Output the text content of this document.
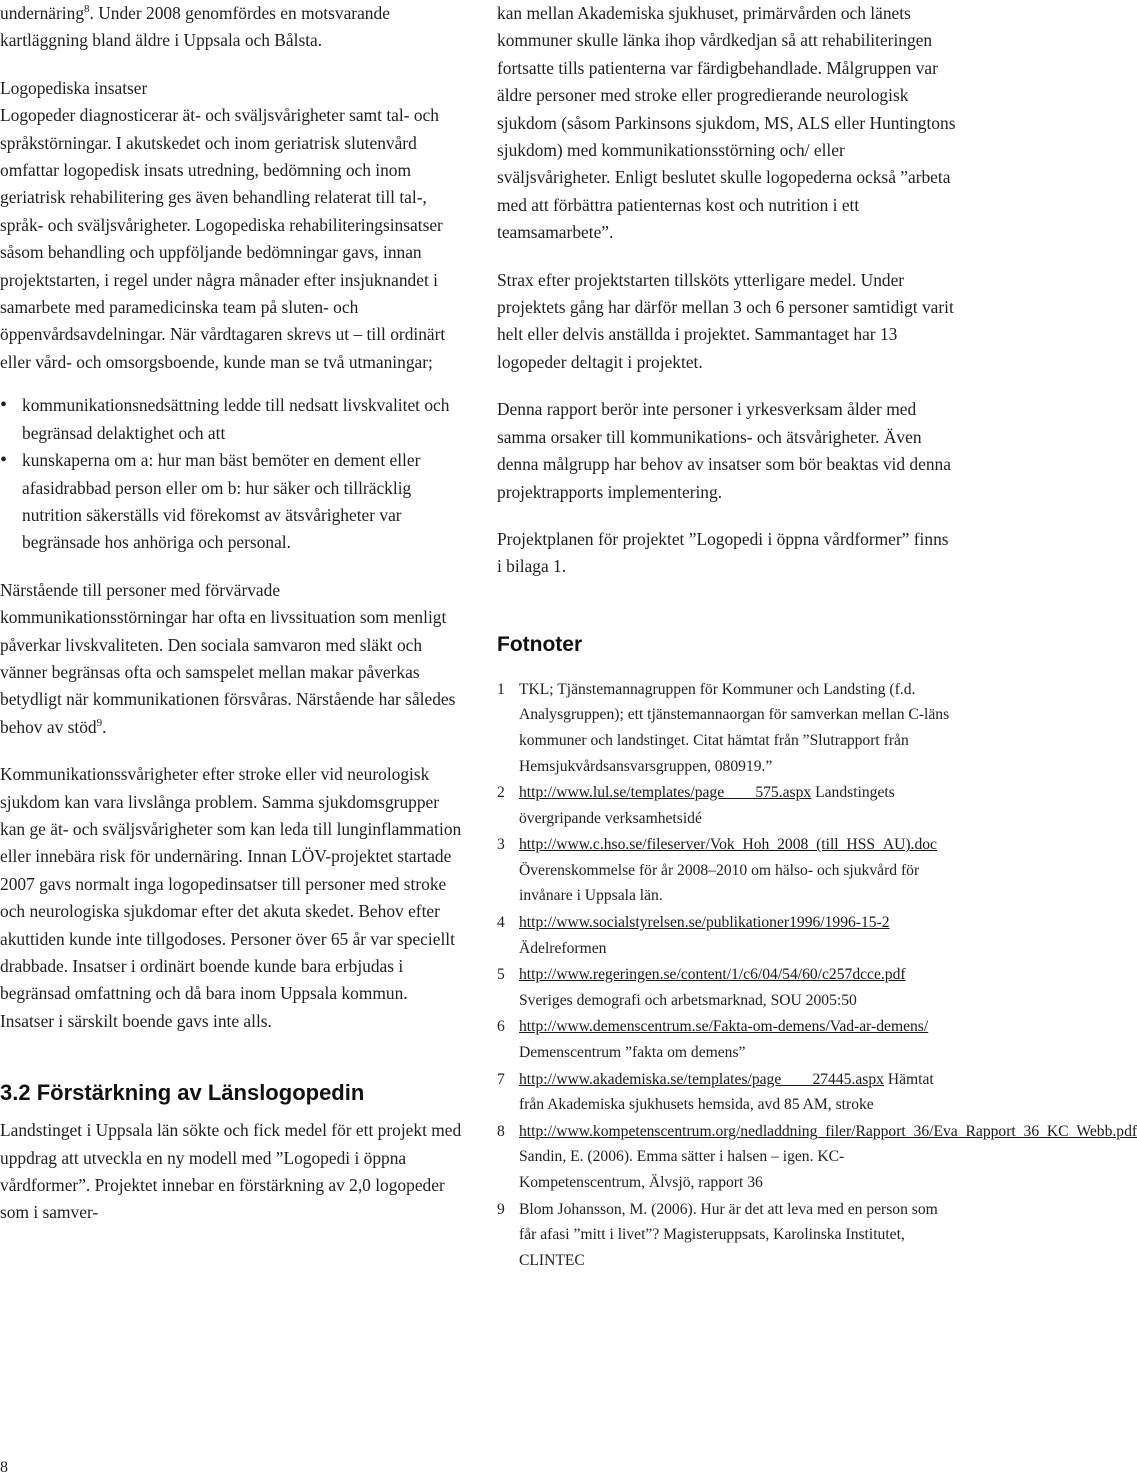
undernäring$^8$. Under 2008 genomfördes en motsvarande kartläggning bland äldre i Uppsala och Bålsta.

Logopediska insatser

Logopeder diagnosticerar ät- och sväljsvårigheter samt tal- och språkstörningar. I akutskedet och inom geriatrisk slutenvård omfattar logopedisk insats utredning, bedömning och inom geriatrisk rehabilitering ges även behandling relaterat till tal-, språk- och sväljsvårigheter. Logopediska rehabiliteringsinsatser såsom behandling och uppföljande bedömningar gavs, innan projektstarten, i regel under några månader efter insjuknandet i samarbete med paramedicinska team på sluten- och öppenvårdsavdelningar. När vårdtagaren skrevs ut – till ordinärt eller vård- och omsorgsboende, kunde man se två utmaningar;

• kommunikationsnedsättning ledde till nedsatt livskvalitet och begränsad delaktighet och att
• kunskaperna om a: hur man bäst bemöter en dement eller afasidrabbad person eller om b: hur säker och tillräcklig nutrition säkerställs vid förekomst av ätsvårigheter var begränsade hos anhöriga och personal.

Närstående till personer med förvärvade kommunikationsstörningar har ofta en livssituation som menligt påverkar livskvaliteten. Den sociala samvaron med släkt och vänner begränsas ofta och samspelet mellan makar påverkas betydligt när kommunikationen försvåras. Närstående har således behov av stöd$^9$.

Kommunikationssvårigheter efter stroke eller vid neurologisk sjukdom kan vara livslånga problem. Samma sjukdomsgrupper kan ge ät- och sväljsvårigheter som kan leda till lunginflammation eller innebära risk för undernäring. Innan LÖV-projektet startade 2007 gavs normalt inga logopedinsatser till personer med stroke och neurologiska sjukdomar efter det akuta skedet. Behov efter akuttiden kunde inte tillgodoses. Personer över 65 år var speciellt drabbade. Insatser i ordinärt boende kunde bara erbjudas i begränsad omfattning och då bara inom Uppsala kommun. Insatser i särskilt boende gavs inte alls.

3.2 Förstärkning av Länslogopedin

Landstinget i Uppsala län sökte och fick medel för ett projekt med uppdrag att utveckla en ny modell med ”Logopedi i öppna vårdformer”. Projektet innebar en förstärkning av 2,0 logopeder som i samver-

kan mellan Akademiska sjukhuset, primärvården och länets kommuner skulle länka ihop vårdkedjan så att rehabiliteringen fortsatte tills patienterna var färdigbehandlade. Målgruppen var äldre personer med stroke eller progredierande neurologisk sjukdom (såsom Parkinsons sjukdom, MS, ALS eller Huntingtons sjukdom) med kommunikationsstörning och/ eller sväljsvårigheter. Enligt beslutet skulle logopederna också ”arbeta med att förbättra patienternas kost och nutrition i ett teamsamarbete”.

Strax efter projektstarten tillsköts ytterligare medel. Under projektets gång har därför mellan 3 och 6 personer samtidigt varit helt eller delvis anställda i projektet. Sammantaget har 13 logopeder deltagit i projektet.

Denna rapport berör inte personer i yrkesverksam ålder med samma orsaker till kommunikations- och ätsvårigheter. Även denna målgrupp har behov av insatser som bör beaktas vid denna projektrapports implementering.

Projektplanen för projektet ”Logopedi i öppna vårdformer” finns i bilaga 1.

Fotnoter
1 TKL; Tjänstemannagruppen för Kommuner och Landsting (f.d. Analysgruppen); ett tjänstemannaorgan för samverkan mellan C-läns kommuner och landstinget. Citat hämtat från ”Slutrapport från Hemsjukvårdsansvarsgruppen, 080919.”
2 http://www.lul.se/templates/page____575.aspx Landstingets övergripande verksamhetsidé
3 http://www.c.hso.se/fileserver/Vok_Hoh_2008_(till_HSS_AU).doc Överenskommelse för år 2008–2010 om hälso- och sjukvård för invånare i Uppsala län.
4 http://www.socialstyrelsen.se/publikationer1996/1996-15-2 Ädelreformen
5 http://www.regeringen.se/content/1/c6/04/54/60/c257dcce.pdf Sveriges demografi och arbetsmarknad, SOU 2005:50
6 http://www.demenscentrum.se/Fakta-om-demens/Vad-ar-demens/ Demenscentrum ”fakta om demens”
7 http://www.akademiska.se/templates/page____27445.aspx Hämtat från Akademiska sjukhusets hemsida, avd 85 AM, stroke
8 http://www.kompetenscentrum.org/nedladdning_filer/Rapport_36/Eva_Rapport_36_KC_Webb.pdf Sandin, E. (2006). Emma sätter i halsen – igen. KC-Kompetenscentrum, Älvsjö, rapport 36
9 Blom Johansson, M. (2006). Hur är det att leva med en person som får afasi ”mitt i livet”? Magisteruppsats, Karolinska Institutet, CLINTEC
8
